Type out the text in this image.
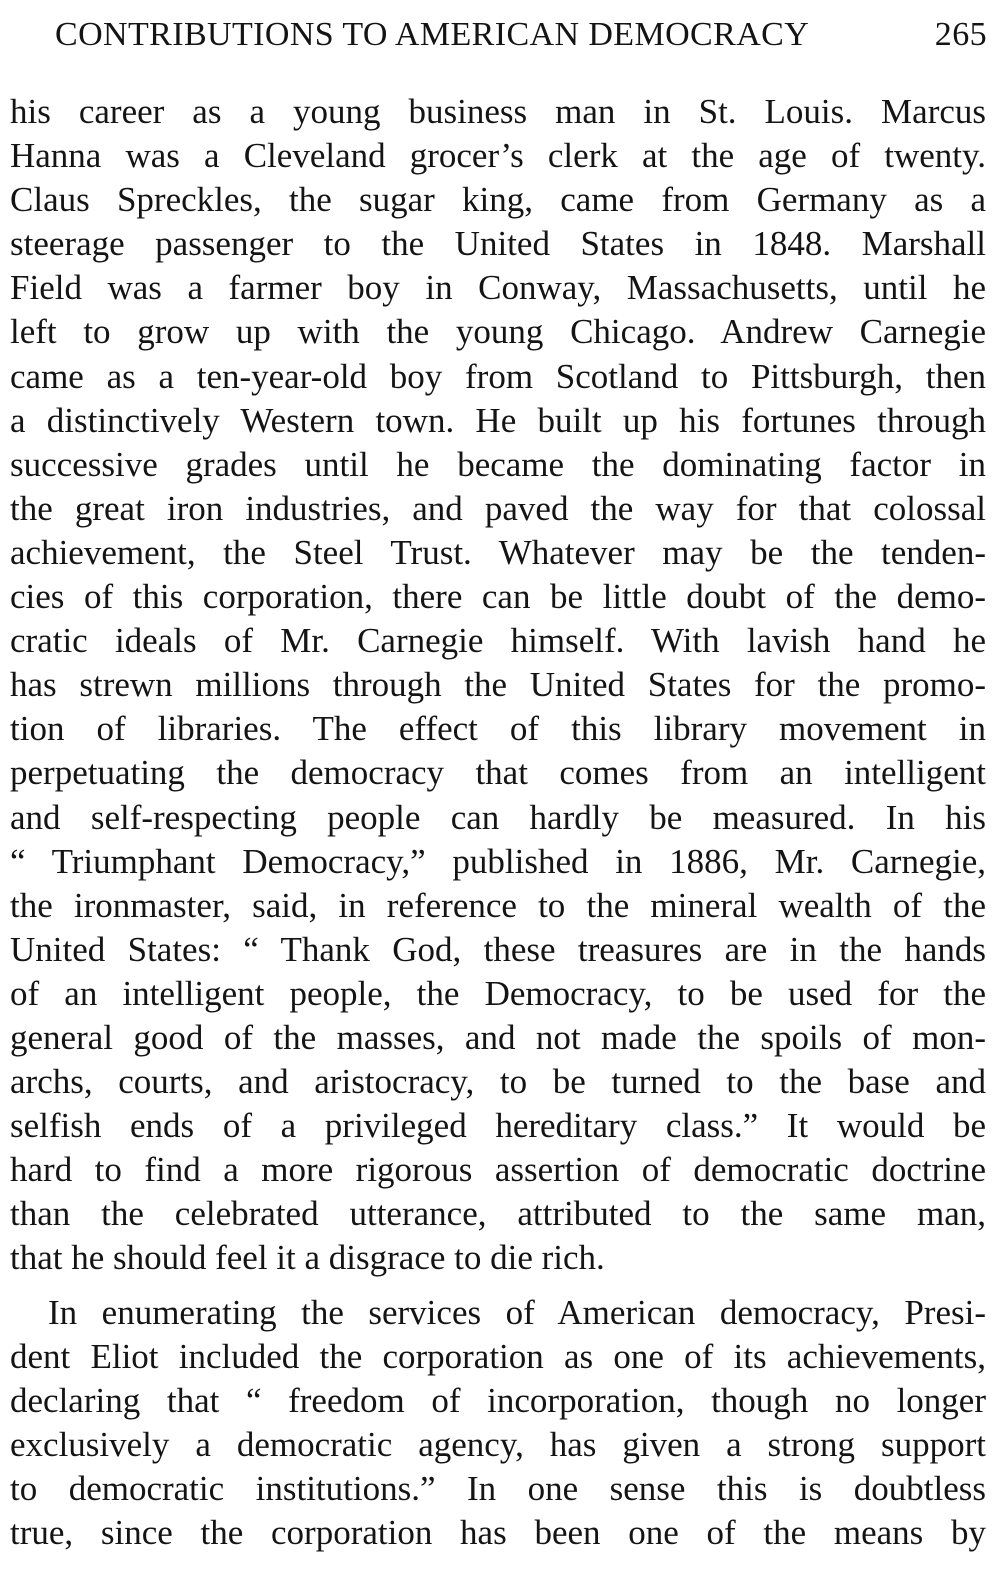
CONTRIBUTIONS TO AMERICAN DEMOCRACY	265
his career as a young business man in St. Louis. Marcus
Hanna was a Cleveland grocer’s clerk at the age of twenty.
Claus Spreckles, the sugar king, came from Germany as a
steerage passenger to the United States in 1848. Marshall
Field was a farmer boy in Conway, Massachusetts, until he
left to grow up with the young Chicago. Andrew Carnegie
came as a ten-year-old boy from Scotland to Pittsburgh, then
a distinctively Western town. He built up his fortunes through
successive grades until he became the dominating factor in
the great iron industries, and paved the way for that colossal
achievement, the Steel Trust. Whatever may be the tenden-
cies of this corporation, there can be little doubt of the demo-
cratic ideals of Mr. Carnegie himself. With lavish hand he
has strewn millions through the United States for the promo-
tion of libraries. The effect of this library movement in
perpetuating the democracy that comes from an intelligent
and self-respecting people can hardly be measured. In his
“ Triumphant Democracy,” published in 1886, Mr. Carnegie,
the ironmaster, said, in reference to the mineral wealth of the
United States: “ Thank God, these treasures are in the hands
of an intelligent people, the Democracy, to be used for the
general good of the masses, and not made the spoils of mon-
archs, courts, and aristocracy, to be turned to the base and
selfish ends of a privileged hereditary class.” It would be
hard to find a more rigorous assertion of democratic doctrine
than the celebrated utterance, attributed to the same man,
that he should feel it a disgrace to die rich.
In enumerating the services of American democracy, Presi-
dent Eliot included the corporation as one of its achievements,
declaring that “ freedom of incorporation, though no longer
exclusively a democratic agency, has given a strong support
to democratic institutions.” In one sense this is doubtless
true, since the corporation has been one of the means by
